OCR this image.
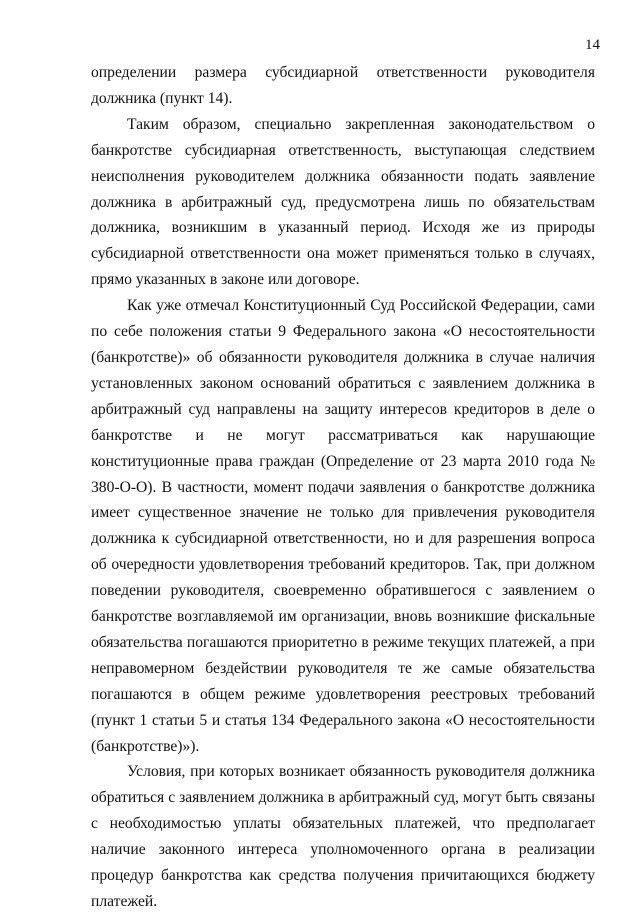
14

определении размера субсидиарной ответственности руководителя должника (пункт 14).

Таким образом, специально закрепленная законодательством о банкротстве субсидиарная ответственность, выступающая следствием неисполнения руководителем должника обязанности подать заявление должника в арбитражный суд, предусмотрена лишь по обязательствам должника, возникшим в указанный период. Исходя же из природы субсидиарной ответственности она может применяться только в случаях, прямо указанных в законе или договоре.

Как уже отмечал Конституционный Суд Российской Федерации, сами по себе положения статьи 9 Федерального закона «О несостоятельности (банкротстве)» об обязанности руководителя должника в случае наличия установленных законом оснований обратиться с заявлением должника в арбитражный суд направлены на защиту интересов кредиторов в деле о банкротстве и не могут рассматриваться как нарушающие конституционные права граждан (Определение от 23 марта 2010 года № 380-О-О). В частности, момент подачи заявления о банкротстве должника имеет существенное значение не только для привлечения руководителя должника к субсидиарной ответственности, но и для разрешения вопроса об очередности удовлетворения требований кредиторов. Так, при должном поведении руководителя, своевременно обратившегося с заявлением о банкротстве возглавляемой им организации, вновь возникшие фискальные обязательства погашаются приоритетно в режиме текущих платежей, а при неправомерном бездействии руководителя те же самые обязательства погашаются в общем режиме удовлетворения реестровых требований (пункт 1 статьи 5 и статья 134 Федерального закона «О несостоятельности (банкротстве)»).

Условия, при которых возникает обязанность руководителя должника обратиться с заявлением должника в арбитражный суд, могут быть связаны с необходимостью уплаты обязательных платежей, что предполагает наличие законного интереса уполномоченного органа в реализации процедур банкротства как средства получения причитающихся бюджету платежей.
